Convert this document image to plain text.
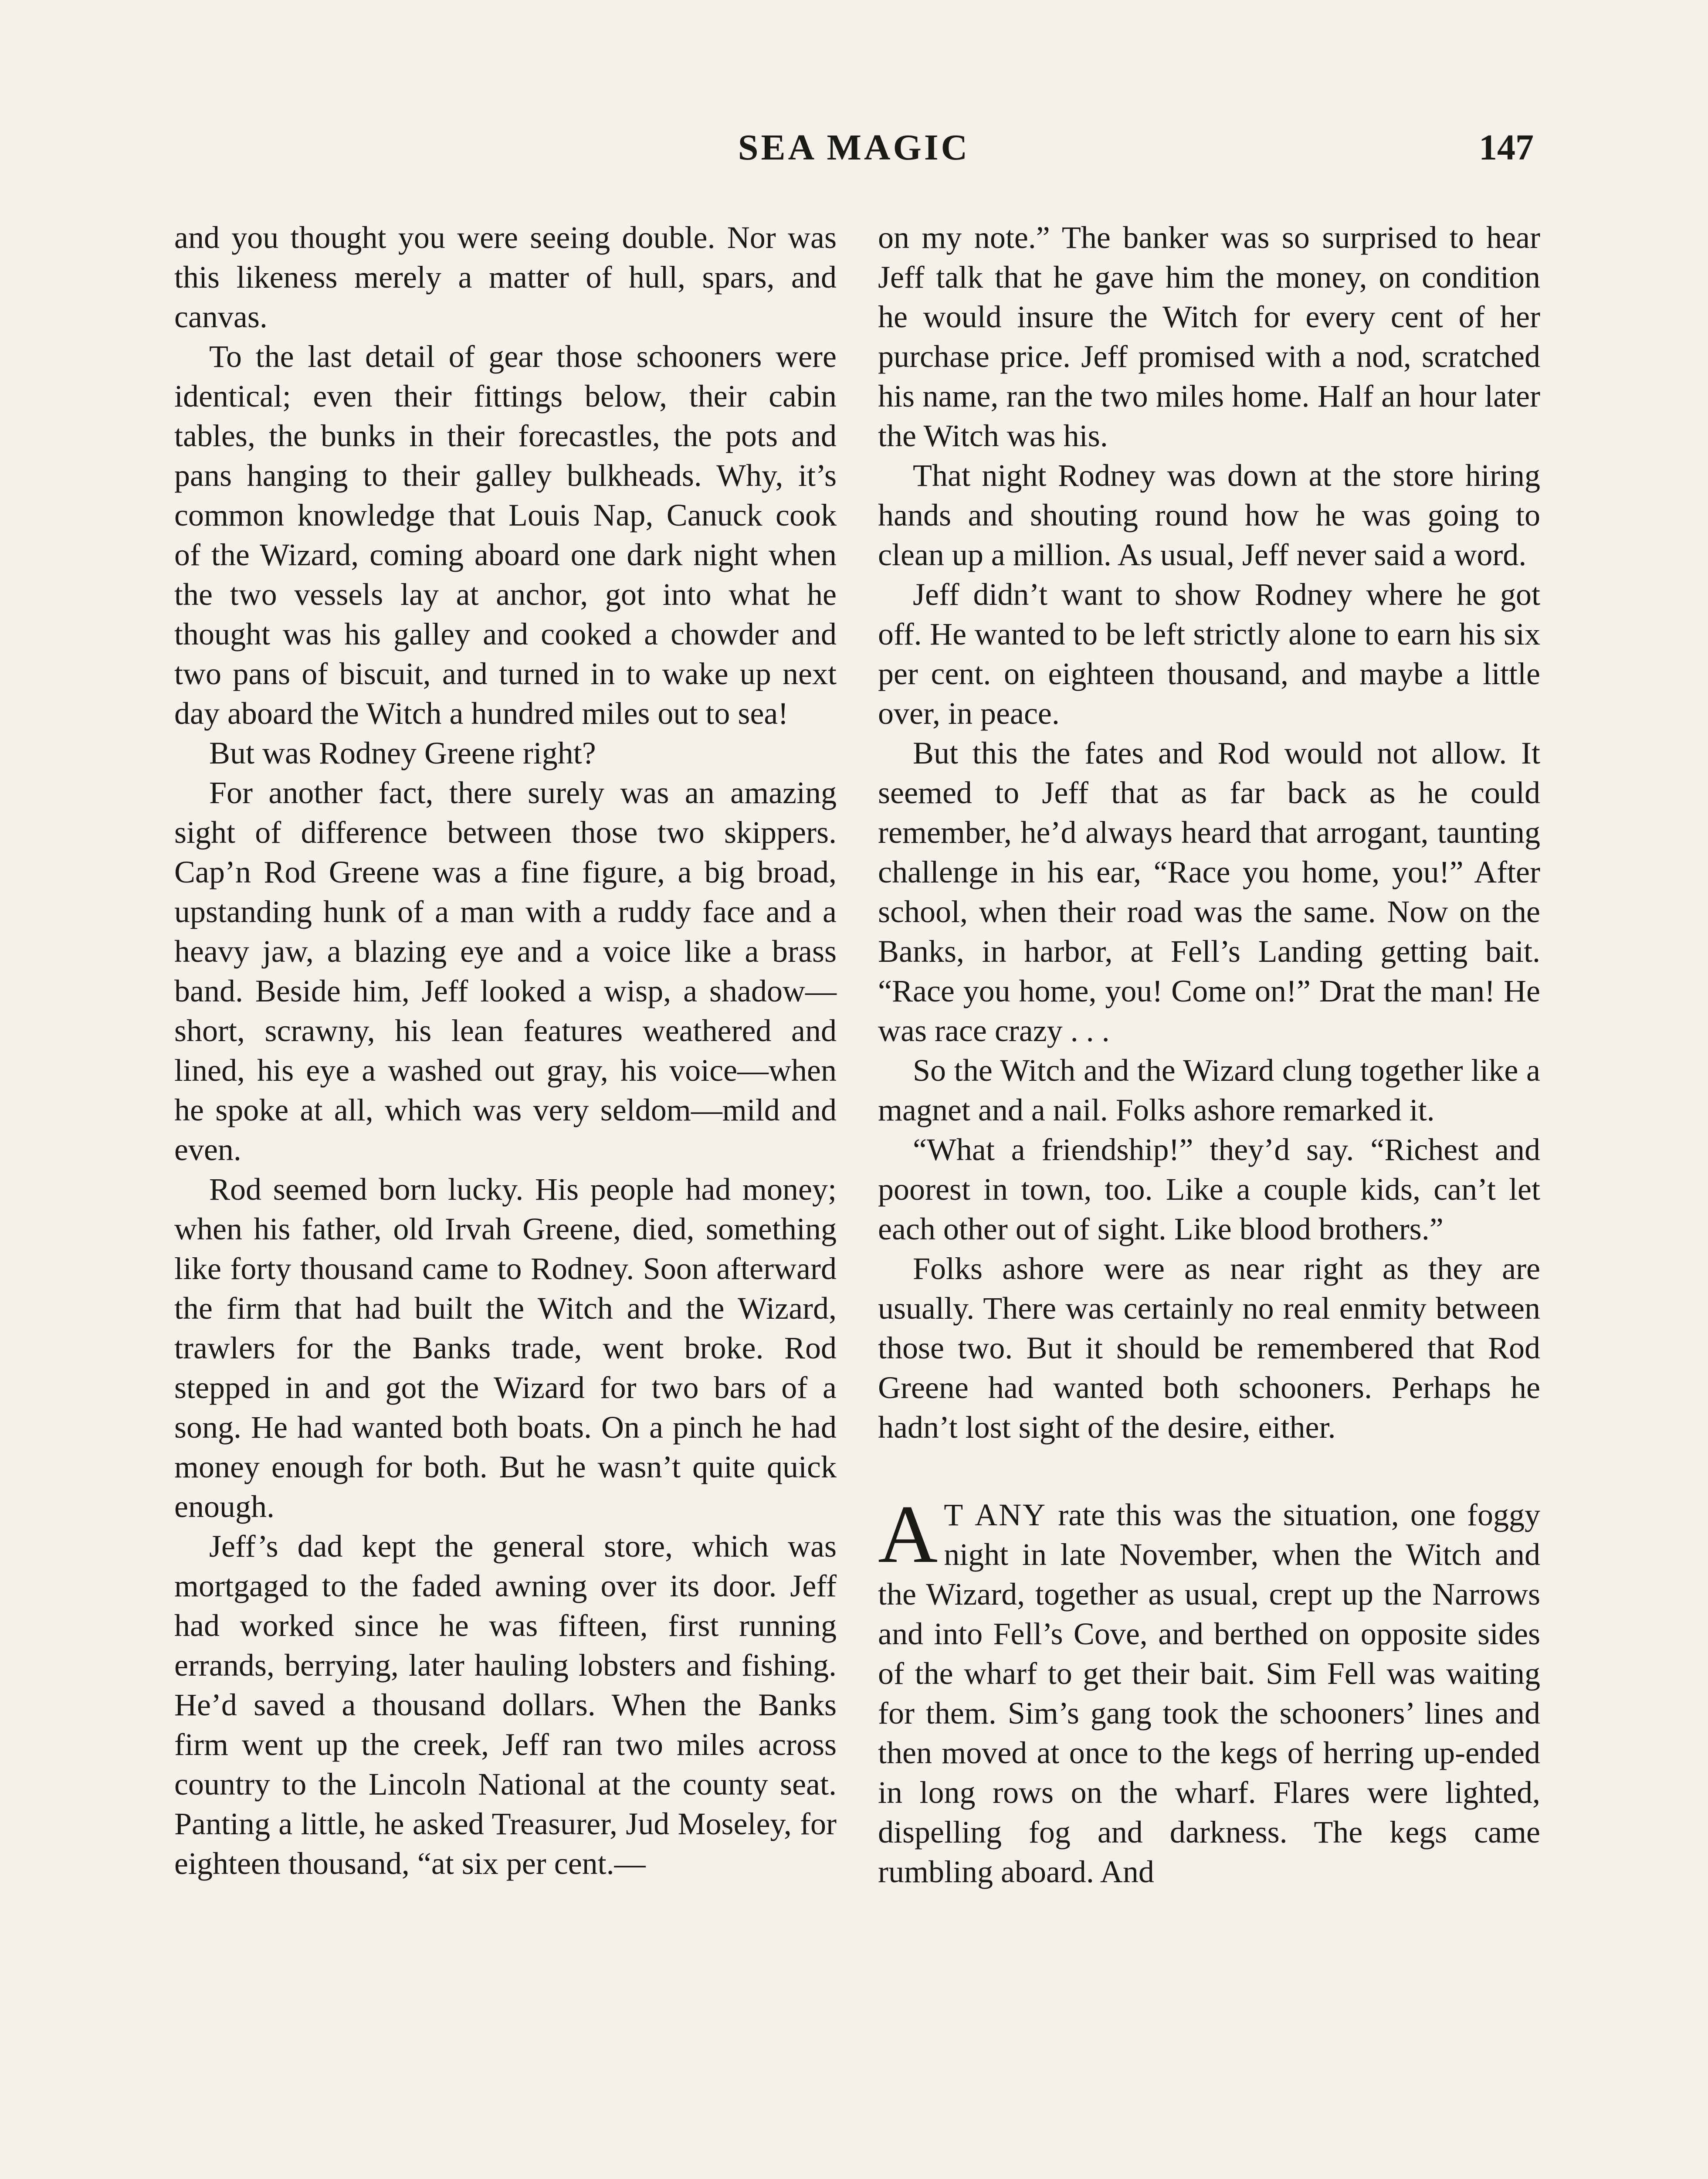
SEA MAGIC	147

and you thought you were seeing double. Nor was this likeness merely a matter of hull, spars, and canvas.

To the last detail of gear those schooners were identical; even their fittings below, their cabin tables, the bunks in their forecastles, the pots and pans hanging to their galley bulkheads. Why, it’s common knowledge that Louis Nap, Canuck cook of the Wizard, coming aboard one dark night when the two vessels lay at anchor, got into what he thought was his galley and cooked a chowder and two pans of biscuit, and turned in to wake up next day aboard the Witch a hundred miles out to sea!

But was Rodney Greene right?

For another fact, there surely was an amazing sight of difference between those two skippers. Cap’n Rod Greene was a fine figure, a big broad, upstanding hunk of a man with a ruddy face and a heavy jaw, a blazing eye and a voice like a brass band. Beside him, Jeff looked a wisp, a shadow—short, scrawny, his lean features weathered and lined, his eye a washed out gray, his voice—when he spoke at all, which was very seldom—mild and even.

Rod seemed born lucky. His people had money; when his father, old Irvah Greene, died, something like forty thousand came to Rodney. Soon afterward the firm that had built the Witch and the Wizard, trawlers for the Banks trade, went broke. Rod stepped in and got the Wizard for two bars of a song. He had wanted both boats. On a pinch he had money enough for both. But he wasn’t quite quick enough.

Jeff’s dad kept the general store, which was mortgaged to the faded awning over its door. Jeff had worked since he was fifteen, first running errands, berrying, later hauling lobsters and fishing. He’d saved a thousand dollars. When the Banks firm went up the creek, Jeff ran two miles across country to the Lincoln National at the county seat. Panting a little, he asked Treasurer, Jud Moseley, for eighteen thousand, “at six per cent.—

on my note.” The banker was so surprised to hear Jeff talk that he gave him the money, on condition he would insure the Witch for every cent of her purchase price. Jeff promised with a nod, scratched his name, ran the two miles home. Half an hour later the Witch was his.

That night Rodney was down at the store hiring hands and shouting round how he was going to clean up a million. As usual, Jeff never said a word.

Jeff didn’t want to show Rodney where he got off. He wanted to be left strictly alone to earn his six per cent. on eighteen thousand, and maybe a little over, in peace.

But this the fates and Rod would not allow. It seemed to Jeff that as far back as he could remember, he’d always heard that arrogant, taunting challenge in his ear, “Race you home, you!” After school, when their road was the same. Now on the Banks, in harbor, at Fell’s Landing getting bait. “Race you home, you! Come on!” Drat the man! He was race crazy . . .

So the Witch and the Wizard clung together like a magnet and a nail. Folks ashore remarked it.

“What a friendship!” they’d say. “Richest and poorest in town, too. Like a couple kids, can’t let each other out of sight. Like blood brothers.”

Folks ashore were as near right as they are usually. There was certainly no real enmity between those two. But it should be remembered that Rod Greene had wanted both schooners. Perhaps he hadn’t lost sight of the desire, either.

A T ANY rate this was the situation, one foggy night in late November, when the Witch and the Wizard, together as usual, crept up the Narrows and into Fell’s Cove, and berthed on opposite sides of the wharf to get their bait. Sim Fell was waiting for them. Sim’s gang took the schooners’ lines and then moved at once to the kegs of herring up-ended in long rows on the wharf. Flares were lighted, dispelling fog and darkness. The kegs came rumbling aboard. And
